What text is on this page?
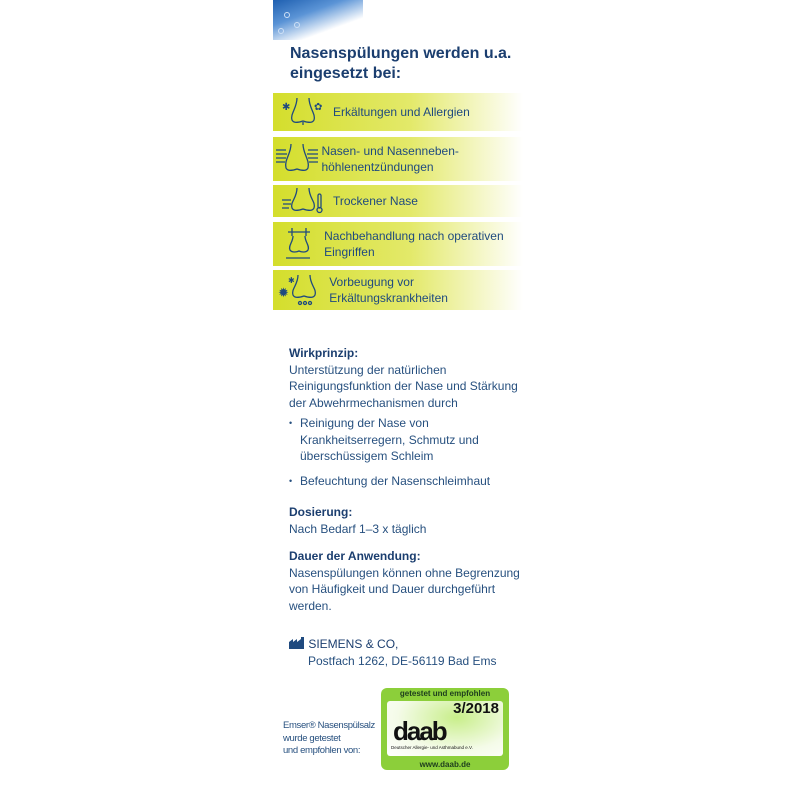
Nasenspülungen werden u.a. eingesetzt bei:
✱ ✿ Erkältungen und Allergien
Nasen- und Nasenneben-höhlenentzündungen
Trockener Nase
Nachbehandlung nach operativen Eingriffen
✹
✱	Vorbeugung vor Erkältungskrankheiten
Wirkprinzip:
Unterstützung der natürlichen Reinigungsfunktion der Nase und Stärkung der Abwehrmechanismen durch
• Reinigung der Nase von Krankheitserregern, Schmutz und überschüssigem Schleim
• Befeuchtung der Nasenschleimhaut
Dosierung:
Nach Bedarf 1–3 x täglich
Dauer der Anwendung:
Nasenspülungen können ohne Begrenzung von Häufigkeit und Dauer durchgeführt werden.
SIEMENS & CO,
Postfach 1262, DE-56119 Bad Ems
Emser® Nasenspülsalz
wurde getestet
und empfohlen von:
getestet und empfohlen
3/2018
daab
Deutscher Allergie- und Asthmabund e.V.
www.daab.de
